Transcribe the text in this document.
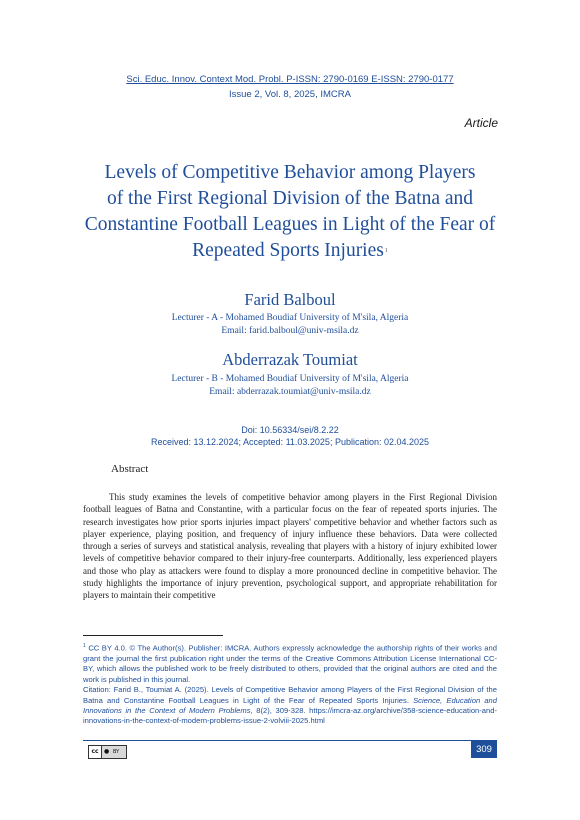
Sci. Educ. Innov. Context Mod. Probl. P-ISSN: 2790-0169 E-ISSN: 2790-0177
Issue 2, Vol. 8, 2025, IMCRA
Article
Levels of Competitive Behavior among Players
of the First Regional Division of the Batna and
Constantine Football Leagues in Light of the Fear of
Repeated Sports Injuries$^1$
Farid Balboul
Lecturer - A - Mohamed Boudiaf University of M'sila, Algeria
Email: farid.balboul@univ-msila.dz
Abderrazak Toumiat
Lecturer - B - Mohamed Boudiaf University of M'sila, Algeria
Email: abderrazak.toumiat@univ-msila.dz
Doi: 10.56334/sei/8.2.22
Received: 13.12.2024; Accepted: 11.03.2025; Publication: 02.04.2025
Abstract
This study examines the levels of competitive behavior among players in the First Regional Division football leagues of Batna and Constantine, with a particular focus on the fear of repeated sports injuries. The research investigates how prior sports injuries impact players' competitive behavior and whether factors such as player experience, playing position, and frequency of injury influence these behaviors. Data were collected through a series of surveys and statistical analysis, revealing that players with a history of injury exhibited lower levels of competitive behavior compared to their injury-free counterparts. Additionally, less experienced players and those who play as attackers were found to display a more pronounced decline in competitive behavior. The study highlights the importance of injury prevention, psychological support, and appropriate rehabilitation for players to maintain their competitive
$^1$ CC BY 4.0. © The Author(s). Publisher: IMCRA. Authors expressly acknowledge the authorship rights of their works and grant the journal the first publication right under the terms of the Creative Commons Attribution License International CC-BY, which allows the published work to be freely distributed to others, provided that the original authors are cited and the work is published in this journal.
Citation: Farid B., Toumiat A. (2025). Levels of Competitive Behavior among Players of the First Regional Division of the Batna and Constantine Football Leagues in Light of the Fear of Repeated Sports Injuries. Science, Education and Innovations in the Context of Modern Problems, 8(2), 309-328. https://imcra-az.org/archive/358-science-education-and-innovations-in-the-context-of-modern-problems-issue-2-volviii-2025.html
cc ● BY	309
